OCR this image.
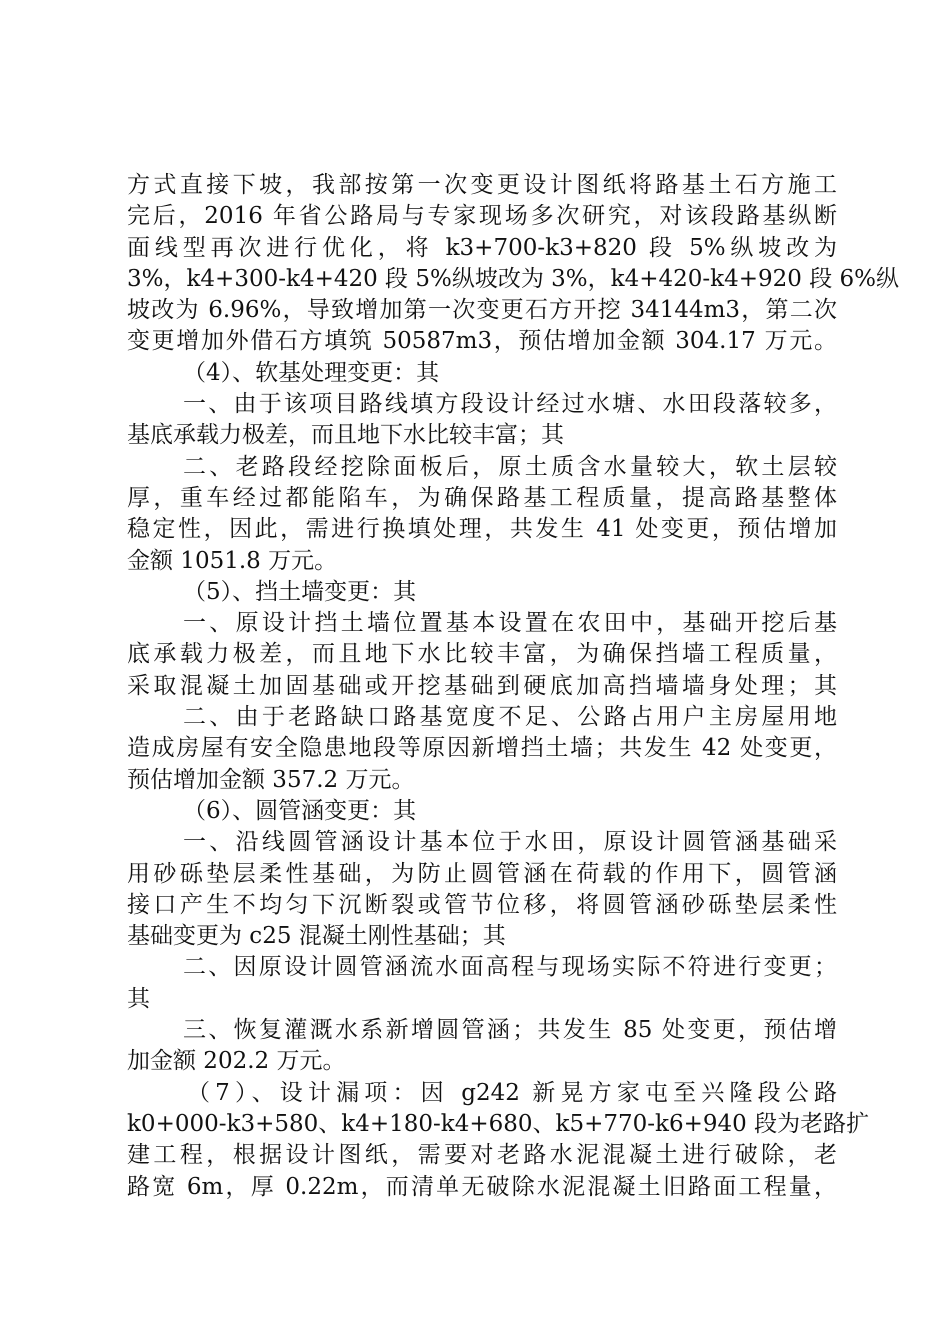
方式直接下坡，我部按第一次变更设计图纸将路基土石方施工
完后，2016 年省公路局与专家现场多次研究，对该段路基纵断
面线型再次进行优化，将 k3+700-k3+820 段 5%纵坡改为
3%，k4+300-k4+420 段 5%纵坡改为 3%，k4+420-k4+920 段 6%纵
坡改为 6.96%，导致增加第一次变更石方开挖 34144m3，第二次
变更增加外借石方填筑 50587m3，预估增加金额 304.17 万元。
（4）、软基处理变更：其
一、由于该项目路线填方段设计经过水塘、水田段落较多，
基底承载力极差，而且地下水比较丰富；其
二、老路段经挖除面板后，原土质含水量较大，软土层较
厚，重车经过都能陷车，为确保路基工程质量，提高路基整体
稳定性，因此，需进行换填处理，共发生 41 处变更，预估增加
金额 1051.8 万元。
（5）、挡土墙变更：其
一、原设计挡土墙位置基本设置在农田中，基础开挖后基
底承载力极差，而且地下水比较丰富，为确保挡墙工程质量，
采取混凝土加固基础或开挖基础到硬底加高挡墙墙身处理；其
二、由于老路缺口路基宽度不足、公路占用户主房屋用地
造成房屋有安全隐患地段等原因新增挡土墙；共发生 42 处变更，
预估增加金额 357.2 万元。
（6）、圆管涵变更：其
一、沿线圆管涵设计基本位于水田，原设计圆管涵基础采
用砂砾垫层柔性基础，为防止圆管涵在荷载的作用下，圆管涵
接口产生不均匀下沉断裂或管节位移，将圆管涵砂砾垫层柔性
基础变更为 c25 混凝土刚性基础；其
二、因原设计圆管涵流水面高程与现场实际不符进行变更；
其
三、恢复灌溉水系新增圆管涵；共发生 85 处变更，预估增
加金额 202.2 万元。
（7）、设计漏项：因 g242 新晃方家屯至兴隆段公路
k0+000-k3+580、k4+180-k4+680、k5+770-k6+940 段为老路扩
建工程，根据设计图纸，需要对老路水泥混凝土进行破除，老
路宽 6m，厚 0.22m，而清单无破除水泥混凝土旧路面工程量，
